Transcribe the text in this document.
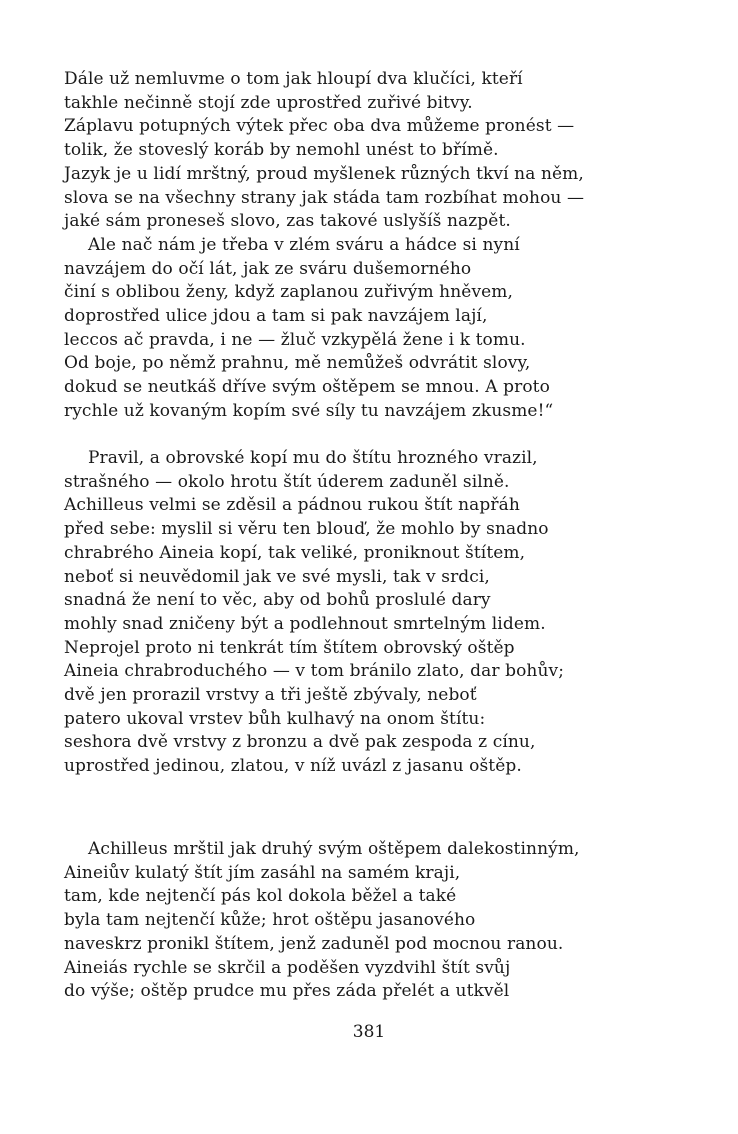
Dále už nemluvme o tom jak hloupí dva klučíci, kteří
takhle nečinně stojí zde uprostřed zuřivé bitvy.
Záplavu potupných výtek přec oba dva můžeme pronést —
tolik, že stoveslý koráb by nemohl unést to břímě.
Jazyk je u lidí mrštný, proud myšlenek různých tkví na něm,
slova se na všechny strany jak stáda tam rozbíhat mohou —
jaké sám proneseš slovo, zas takové uslyšíš nazpět.
Ale nač nám je třeba v zlém sváru a hádce si nyní
navzájem do očí lát, jak ze sváru dušemorného
činí s oblibou ženy, když zaplanou zuřivým hněvem,
doprostřed ulice jdou a tam si pak navzájem lají,
leccos ač pravda, i ne — žluč vzkypělá žene i k tomu.
Od boje, po němž prahnu, mě nemůžeš odvrátit slovy,
dokud se neutkáš dříve svým oštěpem se mnou. A proto
rychle už kovaným kopím své síly tu navzájem zkusme!“
Pravil, a obrovské kopí mu do štítu hrozného vrazil,
strašného — okolo hrotu štít úderem zaduněl silně.
Achilleus velmi se zděsil a pádnou rukou štít napřáh
před sebe: myslil si věru ten blouď, že mohlo by snadno
chrabrého Aineia kopí, tak veliké, proniknout štítem,
neboť si neuvědomil jak ve své mysli, tak v srdci,
snadná že není to věc, aby od bohů proslulé dary
mohly snad zničeny být a podlehnout smrtelným lidem.
Neprojel proto ni tenkrát tím štítem obrovský oštěp
Aineia chrabroduchého — v tom bránilo zlato, dar bohův;
dvě jen prorazil vrstvy a tři ještě zbývaly, neboť
patero ukoval vrstev bůh kulhavý na onom štítu:
seshora dvě vrstvy z bronzu a dvě pak zespoda z cínu,
uprostřed jedinou, zlatou, v níž uvázl z jasanu oštěp.
Achilleus mrštil jak druhý svým oštěpem dalekostinným,
Aineiův kulatý štít jím zasáhl na samém kraji,
tam, kde nejtenčí pás kol dokola běžel a také
byla tam nejtenčí kůže; hrot oštěpu jasanového
naveskrz pronikl štítem, jenž zaduněl pod mocnou ranou.
Aineiás rychle se skrčil a poděšen vyzdvihl štít svůj
do výše; oštěp prudce mu přes záda přelét a utkvěl
381
